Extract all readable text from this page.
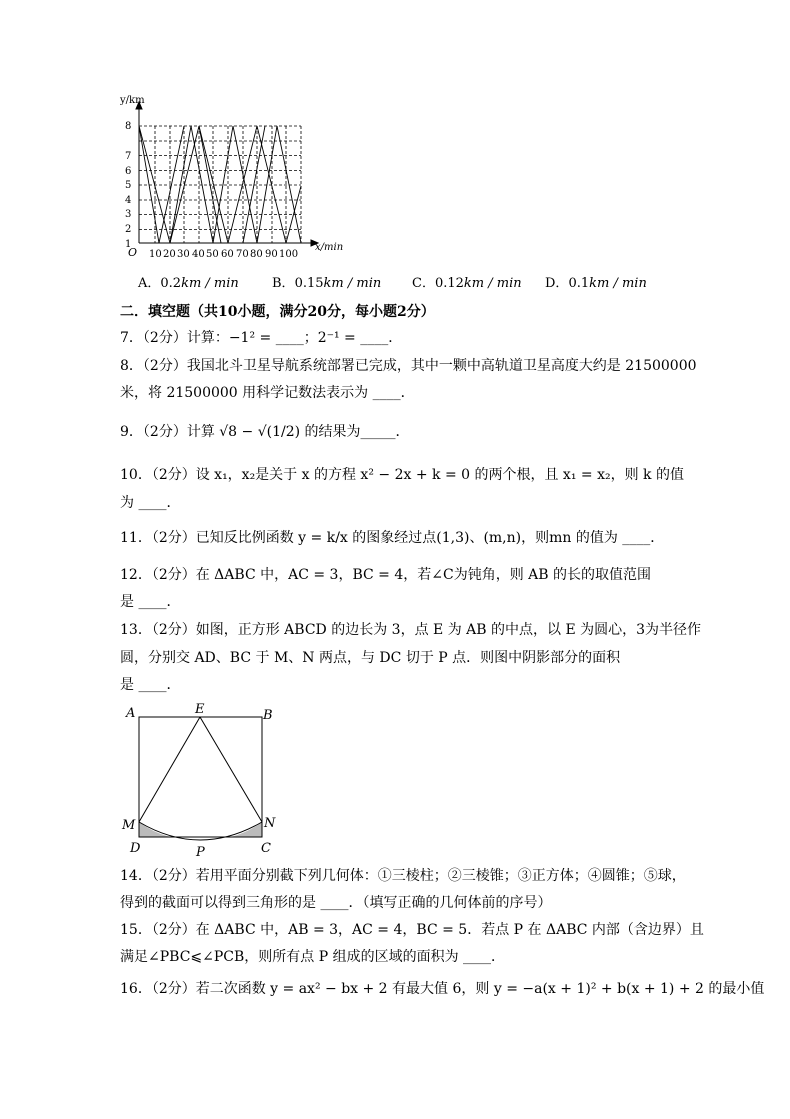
y/km
x/min
O
1
2
3
4
5
6
7
8
10 20 30 40 50 60 70 80 90 100
A．0.2km / min	B．0.15km / min C．0.12km / min D．0.1km / min
二．填空题（共10小题，满分20分，每小题2分）
7．（2分）计算：−1² = ____；2⁻¹ = ____．
8．（2分）我国北斗卫星导航系统部署已完成，其中一颗中高轨道卫星高度大约是 21500000
米，将 21500000 用科学记数法表示为 ____．
9．（2分）计算 √8 − √(1/2) 的结果为_____．
10．（2分）设 x₁，x₂是关于 x 的方程 x² − 2x + k = 0 的两个根，且 x₁ = x₂，则 k 的值
为 ____．
11．（2分）已知反比例函数 y = k/x 的图象经过点(1,3)、(m,n)，则mn 的值为 ____．
12．（2分）在 ΔABC 中，AC = 3，BC = 4，若∠C为钝角，则 AB 的长的取值范围
是 ____．
13．（2分）如图，正方形 ABCD 的边长为 3，点 E 为 AB 的中点，以 E 为圆心，3为半径作
圆，分别交 AD、BC 于 M、N 两点，与 DC 切于 P 点．则图中阴影部分的面积
是 ____．
A	E	B
M	N
D	P	C
14．（2分）若用平面分别截下列几何体：①三棱柱；②三棱锥；③正方体；④圆锥；⑤球，
得到的截面可以得到三角形的是 ____．（填写正确的几何体前的序号）
15．（2分）在 ΔABC 中，AB = 3，AC = 4，BC = 5．若点 P 在 ΔABC 内部（含边界）且
满足∠PBC⩽∠PCB，则所有点 P 组成的区域的面积为 ____．
16．（2分）若二次函数 y = ax² − bx + 2 有最大值 6，则 y = −a(x + 1)² + b(x + 1) + 2 的最小值
